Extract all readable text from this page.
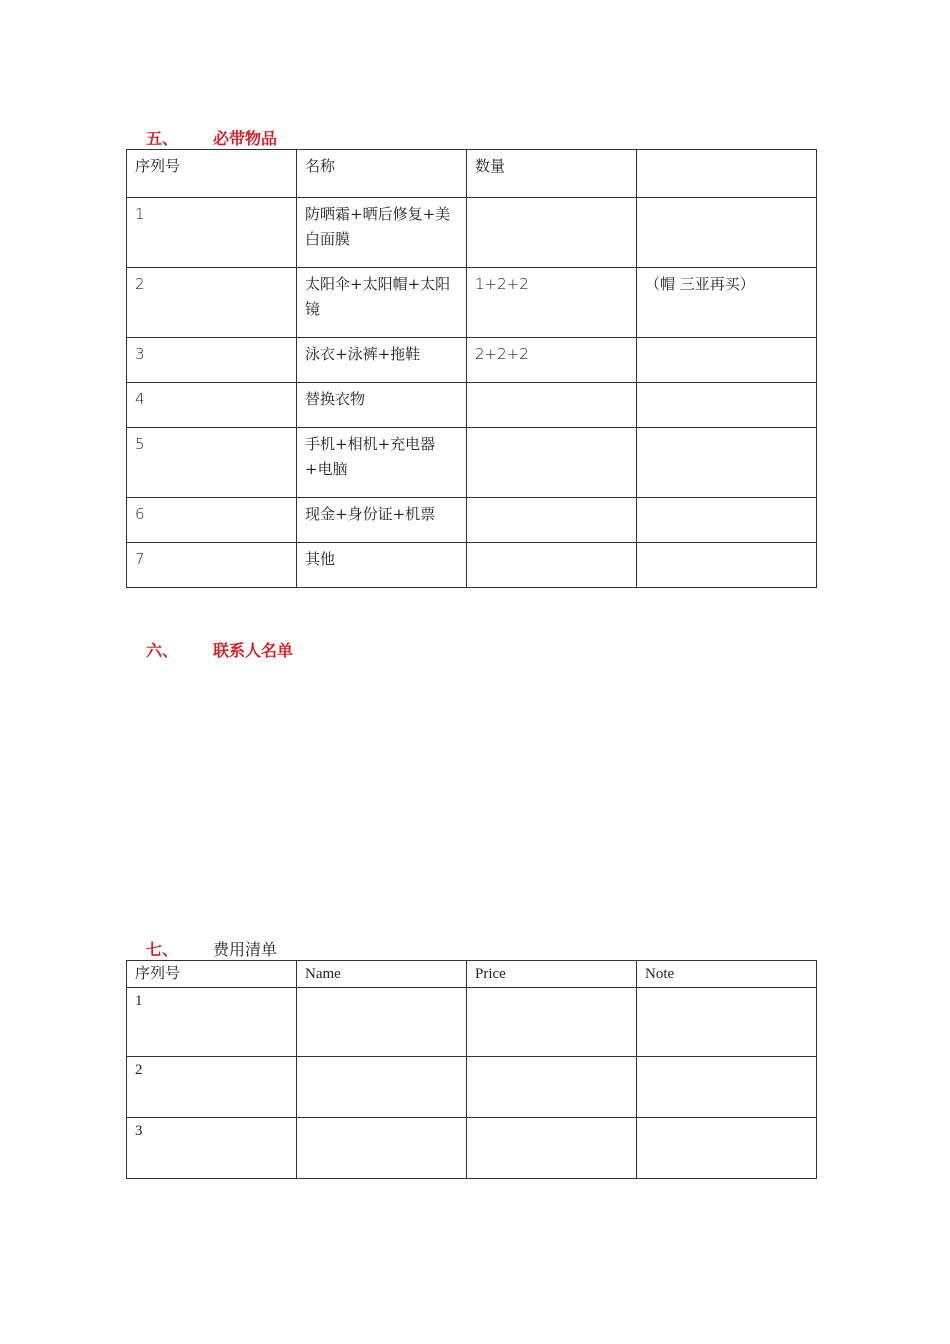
五、 必带物品
序列号	名称	数量	
1	防晒霜+晒后修复+美白面膜		
2	太阳伞+太阳帽+太阳镜	1+2+2	（帽 三亚再买）
3	泳衣+泳裤+拖鞋	2+2+2	
4	替换衣物		
5	手机+相机+充电器+电脑		
6	现金+身份证+机票		
7	其他		
六、 联系人名单
七、 费用清单
序列号	Name	Price	Note
1			
2			
3			
